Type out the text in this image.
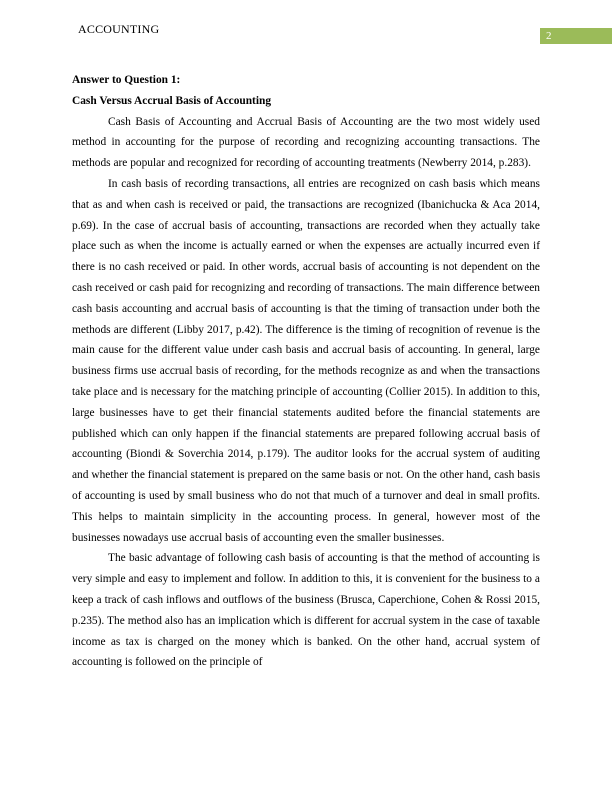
ACCOUNTING	2

Answer to Question 1:

Cash Versus Accrual Basis of Accounting

Cash Basis of Accounting and Accrual Basis of Accounting are the two most widely used method in accounting for the purpose of recording and recognizing accounting transactions. The methods are popular and recognized for recording of accounting treatments (Newberry 2014, p.283).

In cash basis of recording transactions, all entries are recognized on cash basis which means that as and when cash is received or paid, the transactions are recognized (Ibanichucka & Aca 2014, p.69). In the case of accrual basis of accounting, transactions are recorded when they actually take place such as when the income is actually earned or when the expenses are actually incurred even if there is no cash received or paid. In other words, accrual basis of accounting is not dependent on the cash received or cash paid for recognizing and recording of transactions. The main difference between cash basis accounting and accrual basis of accounting is that the timing of transaction under both the methods are different (Libby 2017, p.42). The difference is the timing of recognition of revenue is the main cause for the different value under cash basis and accrual basis of accounting. In general, large business firms use accrual basis of recording, for the methods recognize as and when the transactions take place and is necessary for the matching principle of accounting (Collier 2015). In addition to this, large businesses have to get their financial statements audited before the financial statements are published which can only happen if the financial statements are prepared following accrual basis of accounting (Biondi & Soverchia 2014, p.179). The auditor looks for the accrual system of auditing and whether the financial statement is prepared on the same basis or not. On the other hand, cash basis of accounting is used by small business who do not that much of a turnover and deal in small profits. This helps to maintain simplicity in the accounting process. In general, however most of the businesses nowadays use accrual basis of accounting even the smaller businesses.

The basic advantage of following cash basis of accounting is that the method of accounting is very simple and easy to implement and follow. In addition to this, it is convenient for the business to a keep a track of cash inflows and outflows of the business (Brusca, Caperchione, Cohen & Rossi 2015, p.235). The method also has an implication which is different for accrual system in the case of taxable income as tax is charged on the money which is banked. On the other hand, accrual system of accounting is followed on the principle of
